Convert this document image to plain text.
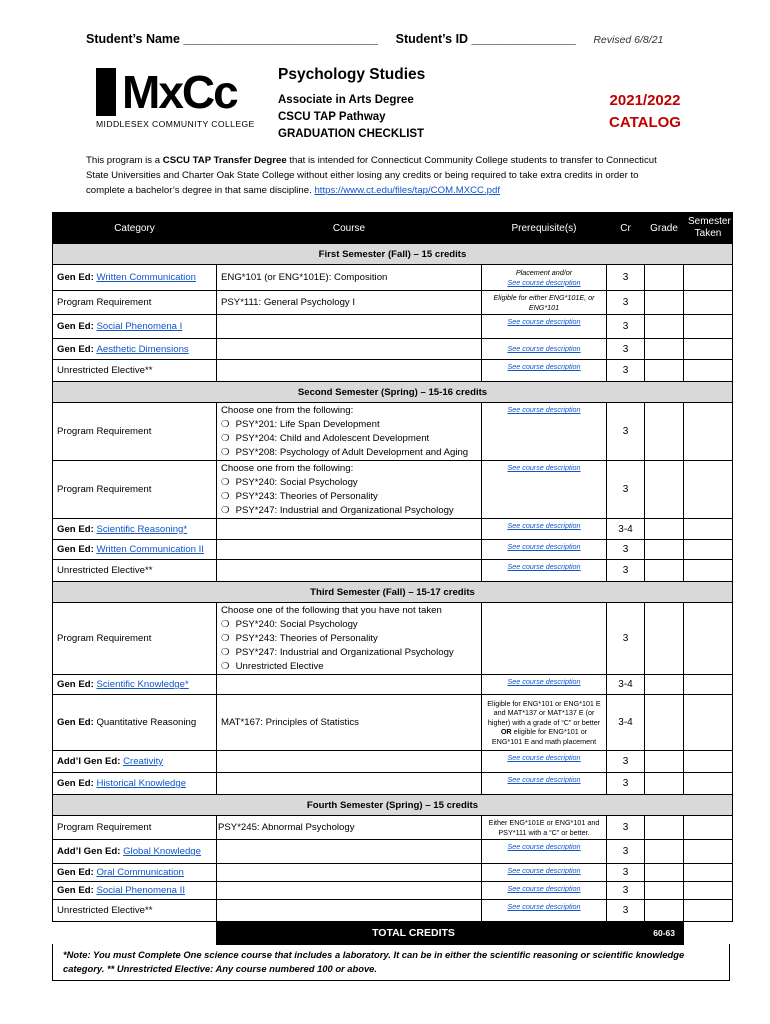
Student’s Name ____________________________ Student’s ID _______________ Revised 6/8/21
MxCc
MIDDLESEX COMMUNITY COLLEGE
Psychology Studies
Associate in Arts Degree
CSCU TAP Pathway
GRADUATION CHECKLIST
2021/2022
CATALOG
This program is a CSCU TAP Transfer Degree that is intended for Connecticut Community College students to transfer to Connecticut State Universities and Charter Oak State College without either losing any credits or being required to take extra credits in order to complete a bachelor’s degree in that same discipline. https://www.ct.edu/files/tap/COM.MXCC.pdf
Category	Course	Prerequisite(s)	Cr	Grade	Semester Taken
First Semester (Fall) – 15 credits					
Gen Ed: Written Communication	ENG*101 (or ENG*101E): Composition	Placement and/or
See course description	3		
Program Requirement	PSY*111: General Psychology I	Eligible for either ENG*101E, or ENG*101	3		
Gen Ed: Social Phenomena I		See course description	3		
Gen Ed: Aesthetic Dimensions		See course description	3		
Unrestricted Elective**		See course description	3		
Second Semester (Spring) – 15-16 credits					
Program Requirement	Choose one from the following:
❍ PSY*201: Life Span Development
❍ PSY*204: Child and Adolescent Development
❍ PSY*208: Psychology of Adult Development and Aging	See course description	3		
Program Requirement	Choose one from the following:
❍ PSY*240: Social Psychology
❍ PSY*243: Theories of Personality
❍ PSY*247: Industrial and Organizational Psychology	See course description	3		
Gen Ed: Scientific Reasoning*		See course description	3-4		
Gen Ed: Written Communication II		See course description	3		
Unrestricted Elective**		See course description	3		
Third Semester (Fall) – 15-17 credits					
Program Requirement	Choose one of the following that you have not taken
❍ PSY*240: Social Psychology
❍ PSY*243: Theories of Personality
❍ PSY*247: Industrial and Organizational Psychology
❍ Unrestricted Elective		3		
Gen Ed: Scientific Knowledge*		See course description	3-4		
Gen Ed: Quantitative Reasoning	MAT*167: Principles of Statistics	Eligible for ENG*101 or ENG*101 E and MAT*137 or MAT*137 E (or higher) with a grade of “C” or better OR eligible for ENG*101 or ENG*101 E and math placement	3-4		
Add’l Gen Ed: Creativity		See course description	3		
Gen Ed: Historical Knowledge		See course description	3		
Fourth Semester (Spring) – 15 credits					
Program Requirement	PSY*245: Abnormal Psychology	Either ENG*101E or ENG*101 and PSY*111 with a “C” or better.	3		
Add’l Gen Ed: Global Knowledge		See course description	3		
Gen Ed: Oral Communication		See course description	3		
Gen Ed: Social Phenomena II		See course description	3		
Unrestricted Elective**		See course description	3		
	TOTAL CREDITS		60-63		
*Note: You must Complete One science course that includes a laboratory. It can be in either the scientific reasoning or scientific knowledge category. ** Unrestricted Elective: Any course numbered 100 or above.
